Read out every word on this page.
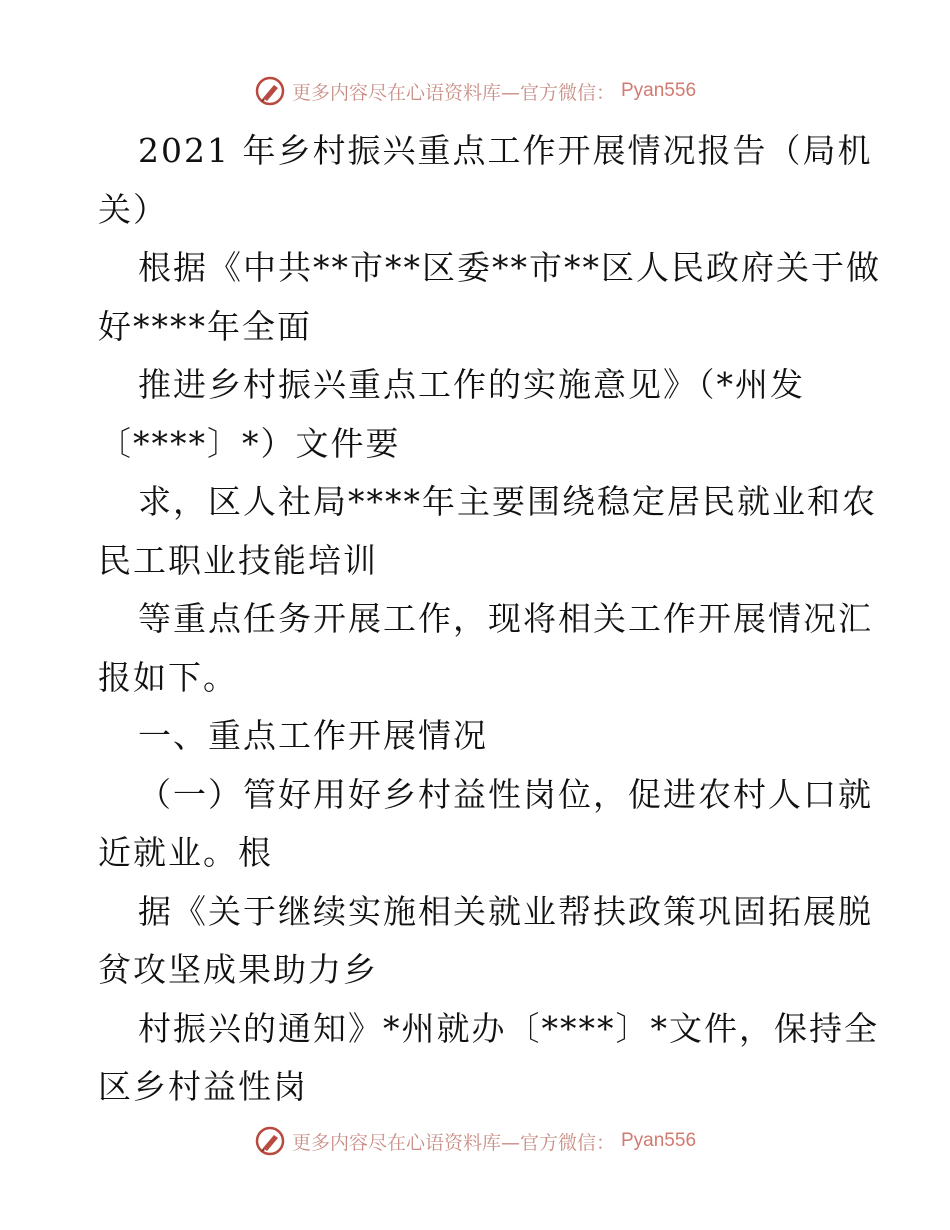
更多内容尽在心语资料库—官方微信： Pyan556
2021 年乡村振兴重点工作开展情况报告（局机
关）
根据《中共**市**区委**市**区人民政府关于做
好****年全面
推进乡村振兴重点工作的实施意见》（*州发
〔****〕*）文件要
求，区人社局****年主要围绕稳定居民就业和农
民工职业技能培训
等重点任务开展工作，现将相关工作开展情况汇
报如下。
一、重点工作开展情况
（一）管好用好乡村益性岗位，促进农村人口就
近就业。根
据《关于继续实施相关就业帮扶政策巩固拓展脱
贫攻坚成果助力乡
村振兴的通知》*州就办〔****〕*文件，保持全
区乡村益性岗
更多内容尽在心语资料库—官方微信： Pyan556
